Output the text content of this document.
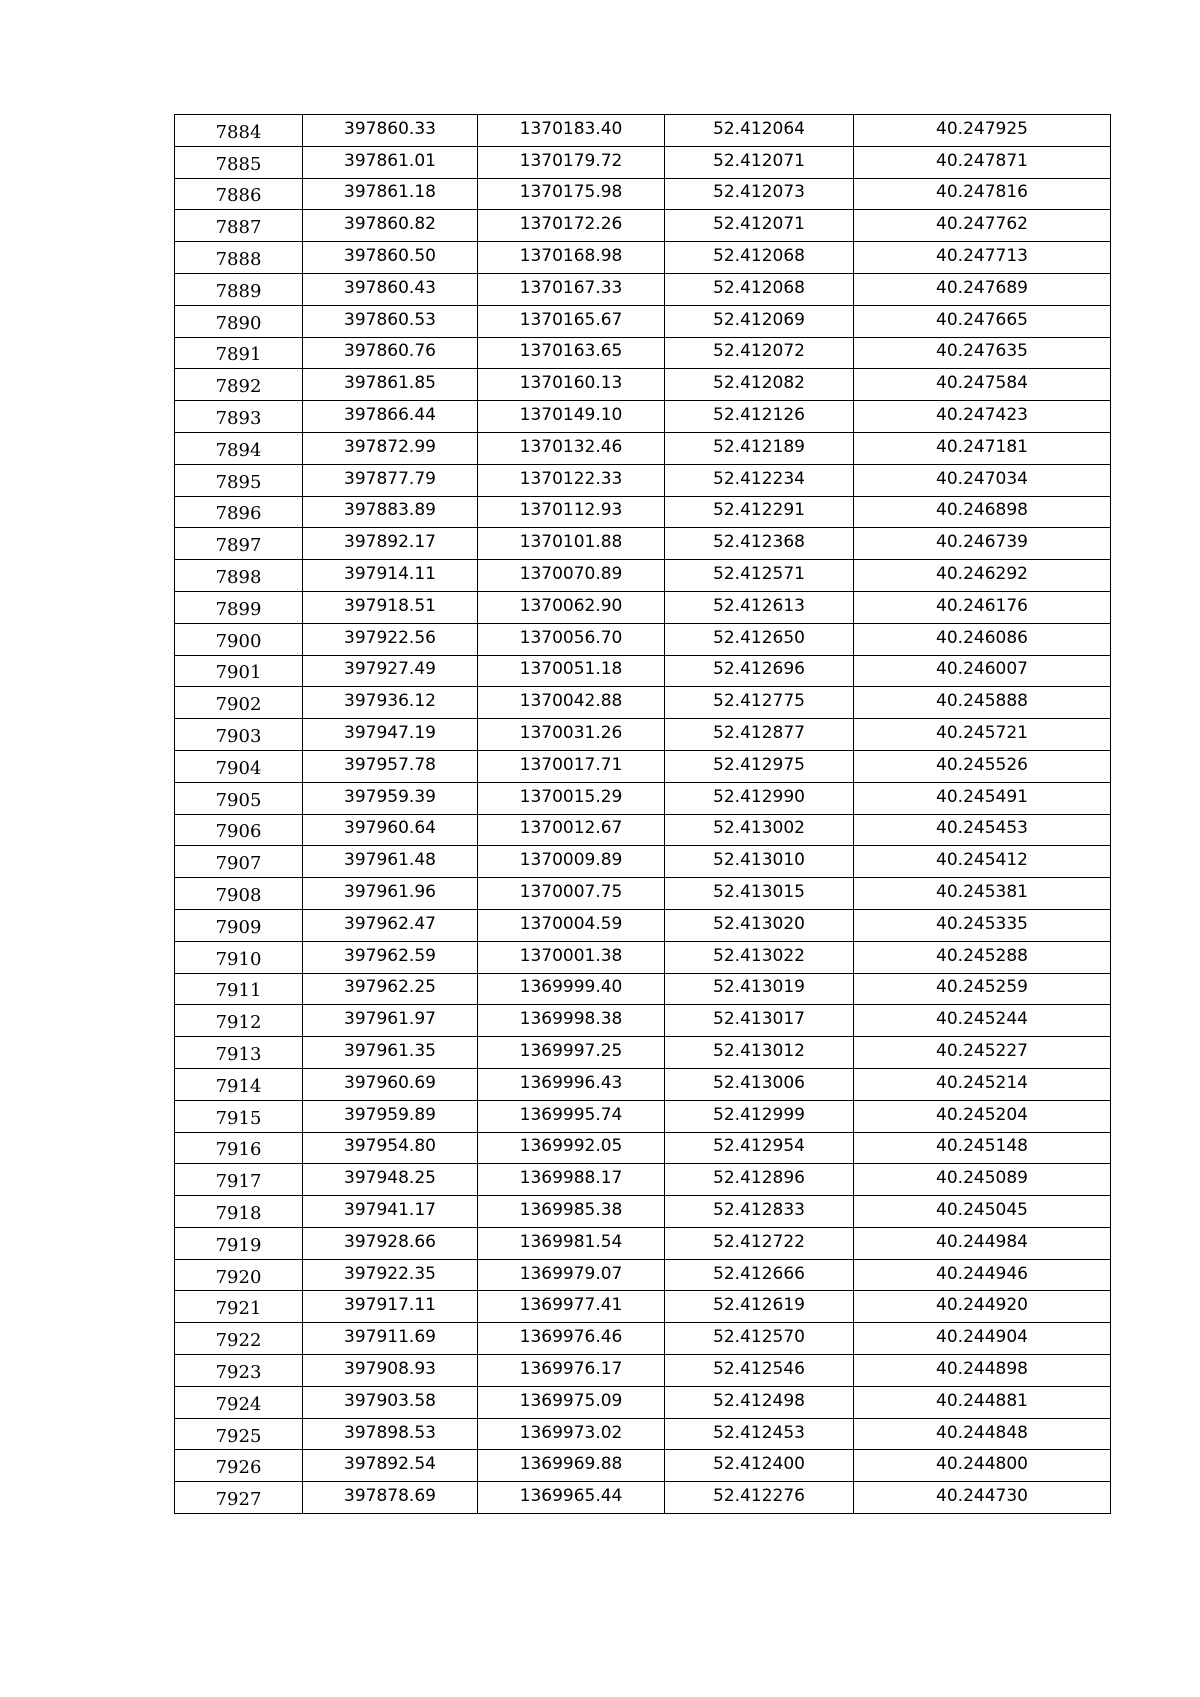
7884	397860.33	1370183.40	52.412064	40.247925
7885	397861.01	1370179.72	52.412071	40.247871
7886	397861.18	1370175.98	52.412073	40.247816
7887	397860.82	1370172.26	52.412071	40.247762
7888	397860.50	1370168.98	52.412068	40.247713
7889	397860.43	1370167.33	52.412068	40.247689
7890	397860.53	1370165.67	52.412069	40.247665
7891	397860.76	1370163.65	52.412072	40.247635
7892	397861.85	1370160.13	52.412082	40.247584
7893	397866.44	1370149.10	52.412126	40.247423
7894	397872.99	1370132.46	52.412189	40.247181
7895	397877.79	1370122.33	52.412234	40.247034
7896	397883.89	1370112.93	52.412291	40.246898
7897	397892.17	1370101.88	52.412368	40.246739
7898	397914.11	1370070.89	52.412571	40.246292
7899	397918.51	1370062.90	52.412613	40.246176
7900	397922.56	1370056.70	52.412650	40.246086
7901	397927.49	1370051.18	52.412696	40.246007
7902	397936.12	1370042.88	52.412775	40.245888
7903	397947.19	1370031.26	52.412877	40.245721
7904	397957.78	1370017.71	52.412975	40.245526
7905	397959.39	1370015.29	52.412990	40.245491
7906	397960.64	1370012.67	52.413002	40.245453
7907	397961.48	1370009.89	52.413010	40.245412
7908	397961.96	1370007.75	52.413015	40.245381
7909	397962.47	1370004.59	52.413020	40.245335
7910	397962.59	1370001.38	52.413022	40.245288
7911	397962.25	1369999.40	52.413019	40.245259
7912	397961.97	1369998.38	52.413017	40.245244
7913	397961.35	1369997.25	52.413012	40.245227
7914	397960.69	1369996.43	52.413006	40.245214
7915	397959.89	1369995.74	52.412999	40.245204
7916	397954.80	1369992.05	52.412954	40.245148
7917	397948.25	1369988.17	52.412896	40.245089
7918	397941.17	1369985.38	52.412833	40.245045
7919	397928.66	1369981.54	52.412722	40.244984
7920	397922.35	1369979.07	52.412666	40.244946
7921	397917.11	1369977.41	52.412619	40.244920
7922	397911.69	1369976.46	52.412570	40.244904
7923	397908.93	1369976.17	52.412546	40.244898
7924	397903.58	1369975.09	52.412498	40.244881
7925	397898.53	1369973.02	52.412453	40.244848
7926	397892.54	1369969.88	52.412400	40.244800
7927	397878.69	1369965.44	52.412276	40.244730
